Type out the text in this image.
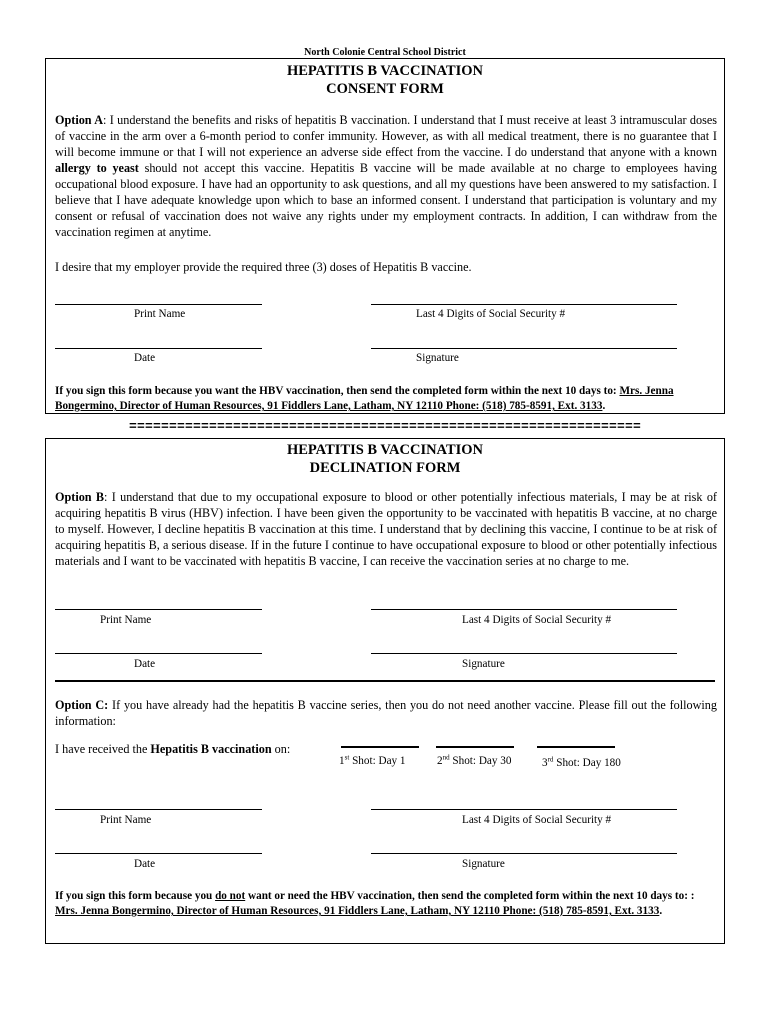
North Colonie Central School District
HEPATITIS B VACCINATION
CONSENT FORM
Option A: I understand the benefits and risks of hepatitis B vaccination. I understand that I must receive at least 3 intramuscular doses of vaccine in the arm over a 6-month period to confer immunity. However, as with all medical treatment, there is no guarantee that I will become immune or that I will not experience an adverse side effect from the vaccine. I do understand that anyone with a known allergy to yeast should not accept this vaccine. Hepatitis B vaccine will be made available at no charge to employees having occupational blood exposure. I have had an opportunity to ask questions, and all my questions have been answered to my satisfaction. I believe that I have adequate knowledge upon which to base an informed consent. I understand that participation is voluntary and my consent or refusal of vaccination does not waive any rights under my employment contracts. In addition, I can withdraw from the vaccination regimen at anytime.
I desire that my employer provide the required three (3) doses of Hepatitis B vaccine.
Print Name	Last 4 Digits of Social Security #
Date	Signature
If you sign this form because you want the HBV vaccination, then send the completed form within the next 10 days to: Mrs. Jenna Bongermino, Director of Human Resources, 91 Fiddlers Lane, Latham, NY 12110 Phone: (518) 785-8591, Ext. 3133.
================================================================
HEPATITIS B VACCINATION
DECLINATION FORM
Option B: I understand that due to my occupational exposure to blood or other potentially infectious materials, I may be at risk of acquiring hepatitis B virus (HBV) infection. I have been given the opportunity to be vaccinated with hepatitis B vaccine, at no charge to myself. However, I decline hepatitis B vaccination at this time. I understand that by declining this vaccine, I continue to be at risk of acquiring hepatitis B, a serious disease. If in the future I continue to have occupational exposure to blood or other potentially infectious materials and I want to be vaccinated with hepatitis B vaccine, I can receive the vaccination series at no charge to me.
Print Name	Last 4 Digits of Social Security #
Date	Signature
Option C: If you have already had the hepatitis B vaccine series, then you do not need another vaccine. Please fill out the following information:
I have received the Hepatitis B vaccination on:
1st Shot: Day 1	2nd Shot: Day 30	3rd Shot: Day 180
Print Name	Last 4 Digits of Social Security #
Date	Signature
If you sign this form because you do not want or need the HBV vaccination, then send the completed form within the next 10 days to: : Mrs. Jenna Bongermino, Director of Human Resources, 91 Fiddlers Lane, Latham, NY 12110 Phone: (518) 785-8591, Ext. 3133.
